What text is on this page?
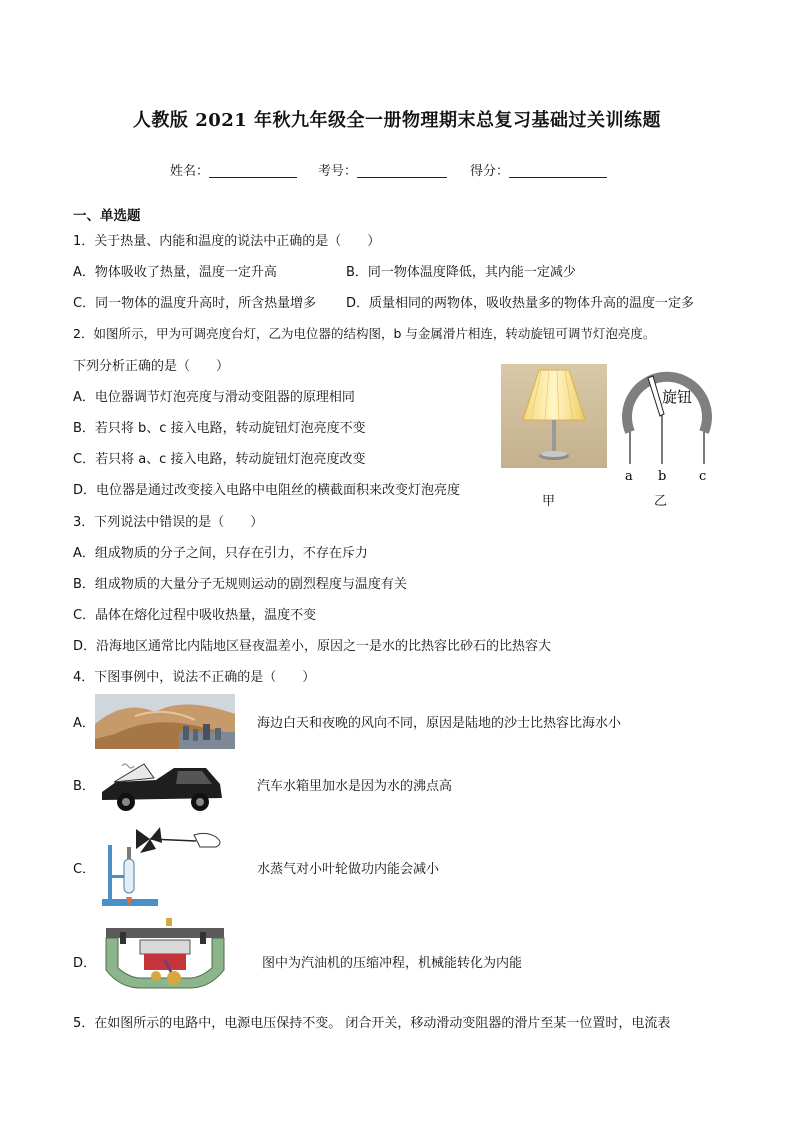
人教版 2021 年秋九年级全一册物理期末总复习基础过关训练题
姓名：	考号：	得分：
一、单选题
1．关于热量、内能和温度的说法中正确的是（　　）
A．物体吸收了热量，温度一定升高	B．同一物体温度降低，其内能一定减少
C．同一物体的温度升高时，所含热量增多 D．质量相同的两物体，吸收热量多的物体升高的温度一定多
2．如图所示，甲为可调亮度台灯，乙为电位器的结构图，b 与金属滑片相连，转动旋钮可调节灯泡亮度。
下列分析正确的是（　　）
A．电位器调节灯泡亮度与滑动变阻器的原理相同
B．若只将 b、c 接入电路，转动旋钮灯泡亮度不变
C．若只将 a、c 接入电路，转动旋钮灯泡亮度改变
D．电位器是通过改变接入电路中电阻丝的横截面积来改变灯泡亮度
甲
旋钮
a b	c
乙
3．下列说法中错误的是（　　）
A．组成物质的分子之间，只存在引力，不存在斥力
B．组成物质的大量分子无规则运动的剧烈程度与温度有关
C．晶体在熔化过程中吸收热量，温度不变
D．沿海地区通常比内陆地区昼夜温差小，原因之一是水的比热容比砂石的比热容大
4．下图事例中，说法不正确的是（　　）
A．	海边白天和夜晚的风向不同，原因是陆地的沙士比热容比海水小
B．	汽车水箱里加水是因为水的沸点高
C．	水蒸气对小叶轮做功内能会减小
D．	图中为汽油机的压缩冲程，机械能转化为内能
5．在如图所示的电路中，电源电压保持不变。 闭合开关，移动滑动变阻器的滑片至某一位置时，电流表
